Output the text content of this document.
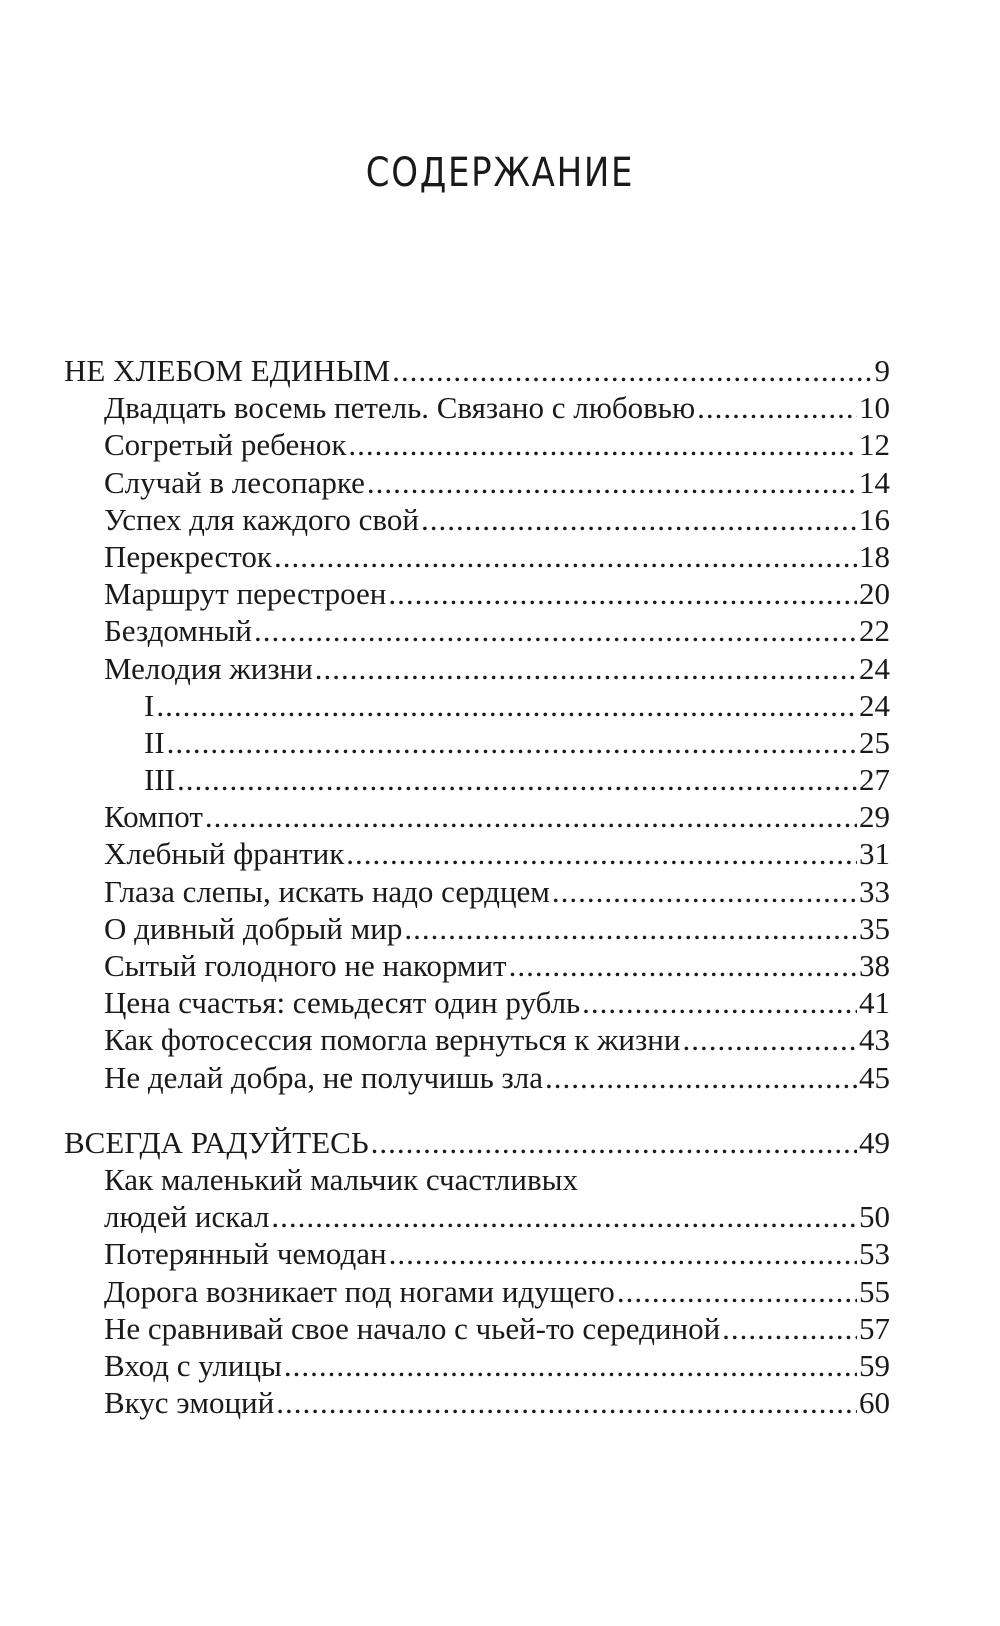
СОДЕРЖАНИЕ
НЕ ХЛЕБОМ ЕДИНЫМ .....	9
Двадцать восемь петель. Связано с любовью .....	10
Согретый ребенок .....	12
Случай в лесопарке .....	14
Успех для каждого свой .....	16
Перекресток .....	18
Маршрут перестроен .....	20
Бездомный .....	22
Мелодия жизни .....	24
I .....	24
II .....	25
III .....	27
Компот .....	29
Хлебный франтик .....	31
Глаза слепы, искать надо сердцем .....	33
О дивный добрый мир .....	35
Сытый голодного не накормит .....	38
Цена счастья: семьдесят один рубль .....	41
Как фотосессия помогла вернуться к жизни .....	43
Не делай добра, не получишь зла .....	45
ВСЕГДА РАДУЙТЕСЬ .....	49
Как маленький мальчик счастливых
людей искал .....	50
Потерянный чемодан .....	53
Дорога возникает под ногами идущего .....	55
Не сравнивай свое начало с чьей-то серединой .....	57
Вход с улицы .....	59
Вкус эмоций .....	60
